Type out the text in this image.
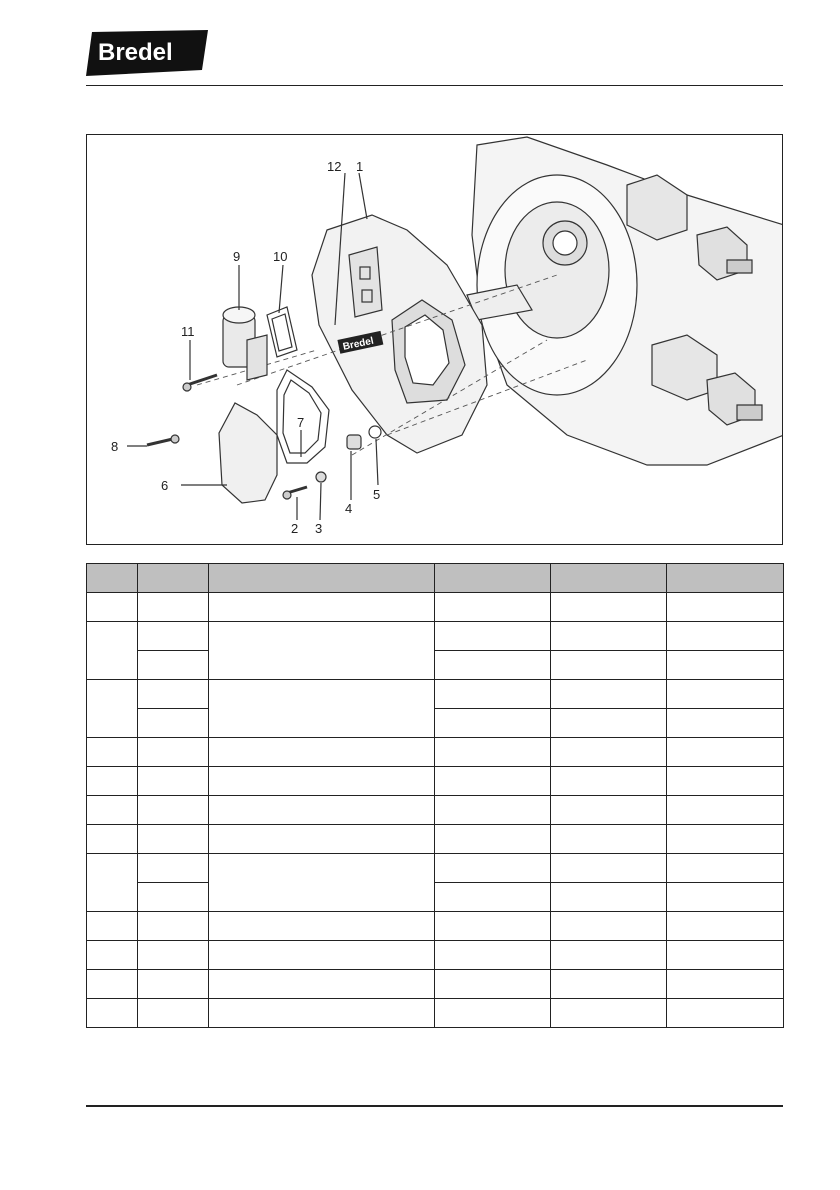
Bredel
Bredel
1
2 3
4
5
6
7
8
9	10
11
12
